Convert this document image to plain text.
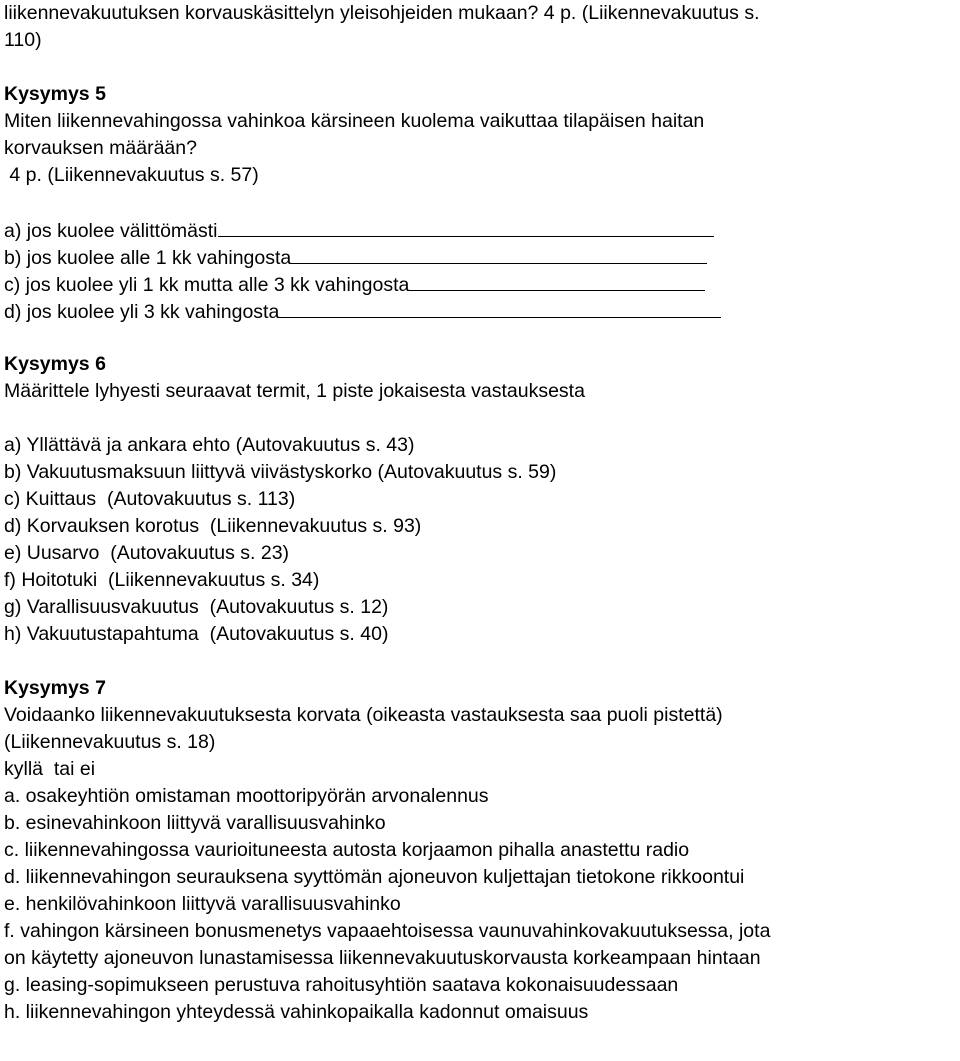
liikennevakuutuksen korvauskäsittelyn yleisohjeiden mukaan? 4 p. (Liikennevakuutus s.
110)
Kysymys 5
Miten liikennevahingossa vahinkoa kärsineen kuolema vaikuttaa tilapäisen haitan
korvauksen määrään?
4 p. (Liikennevakuutus s. 57)
a) jos kuolee välittömästi
b) jos kuolee alle 1 kk vahingosta
c) jos kuolee yli 1 kk mutta alle 3 kk vahingosta
d) jos kuolee yli 3 kk vahingosta
Kysymys 6
Määrittele lyhyesti seuraavat termit, 1 piste jokaisesta vastauksesta
a) Yllättävä ja ankara ehto (Autovakuutus s. 43)
b) Vakuutusmaksuun liittyvä viivästyskorko (Autovakuutus s. 59)
c) Kuittaus  (Autovakuutus s. 113)
d) Korvauksen korotus  (Liikennevakuutus s. 93)
e) Uusarvo  (Autovakuutus s. 23)
f) Hoitotuki  (Liikennevakuutus s. 34)
g) Varallisuusvakuutus  (Autovakuutus s. 12)
h) Vakuutustapahtuma  (Autovakuutus s. 40)
Kysymys 7
Voidaanko liikennevakuutuksesta korvata (oikeasta vastauksesta saa puoli pistettä)
(Liikennevakuutus s. 18)
kyllä  tai ei
a. osakeyhtiön omistaman moottoripyörän arvonalennus
b. esinevahinkoon liittyvä varallisuusvahinko
c. liikennevahingossa vaurioituneesta autosta korjaamon pihalla anastettu radio
d. liikennevahingon seurauksena syyttömän ajoneuvon kuljettajan tietokone rikkoontui
e. henkilövahinkoon liittyvä varallisuusvahinko
f. vahingon kärsineen bonusmenetys vapaaehtoisessa vaunuvahinkovakuutuksessa, jota
on käytetty ajoneuvon lunastamisessa liikennevakuutuskorvausta korkeampaan hintaan
g. leasing-sopimukseen perustuva rahoitusyhtiön saatava kokonaisuudessaan
h. liikennevahingon yhteydessä vahinkopaikalla kadonnut omaisuus
